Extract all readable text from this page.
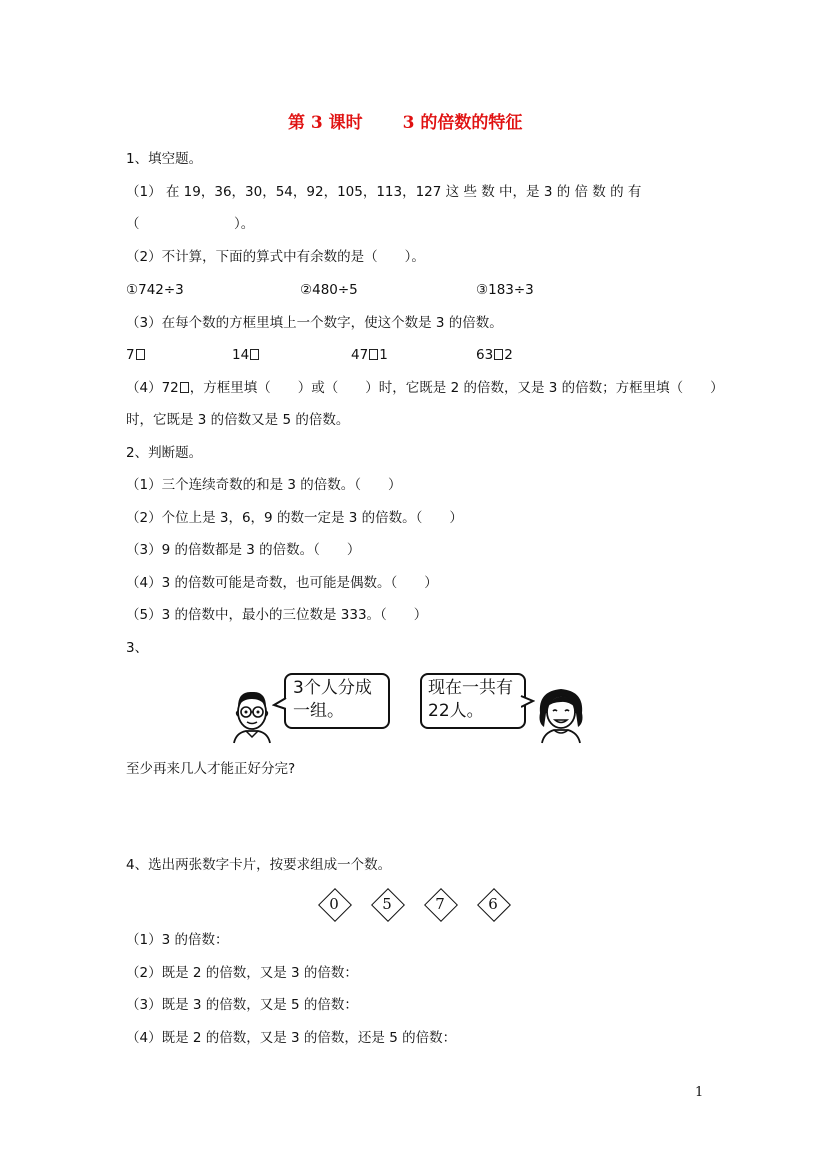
第 3 课时　　 3 的倍数的特征
1、填空题。
（1） 在 19，36，30，54，92，105，113，127 这 些 数 中，是 3 的 倍 数 的 有
（　　　　　　　）。
（2）不计算，下面的算式中有余数的是（　　）。
①742÷3	②480÷5	③183÷3
（3）在每个数的方框里填上一个数字，使这个数是 3 的倍数。
7	14	47 1	63 2
（4）72 ，方框里填（　　）或（　　）时，它既是 2 的倍数，又是 3 的倍数；方框里填（　　）
时，它既是 3 的倍数又是 5 的倍数。
2、判断题。
（1）三个连续奇数的和是 3 的倍数。（　　）
（2）个位上是 3，6，9 的数一定是 3 的倍数。（　　）
（3）9 的倍数都是 3 的倍数。（　　）
（4）3 的倍数可能是奇数，也可能是偶数。（　　）
（5）3 的倍数中，最小的三位数是 333。（　　）
3、
3个人分成
一组。
现在一共有
22人。
至少再来几人才能正好分完?
4、选出两张数字卡片，按要求组成一个数。
0	5	7	6
（1）3 的倍数：
（2）既是 2 的倍数，又是 3 的倍数：
（3）既是 3 的倍数，又是 5 的倍数：
（4）既是 2 的倍数，又是 3 的倍数，还是 5 的倍数：
1
